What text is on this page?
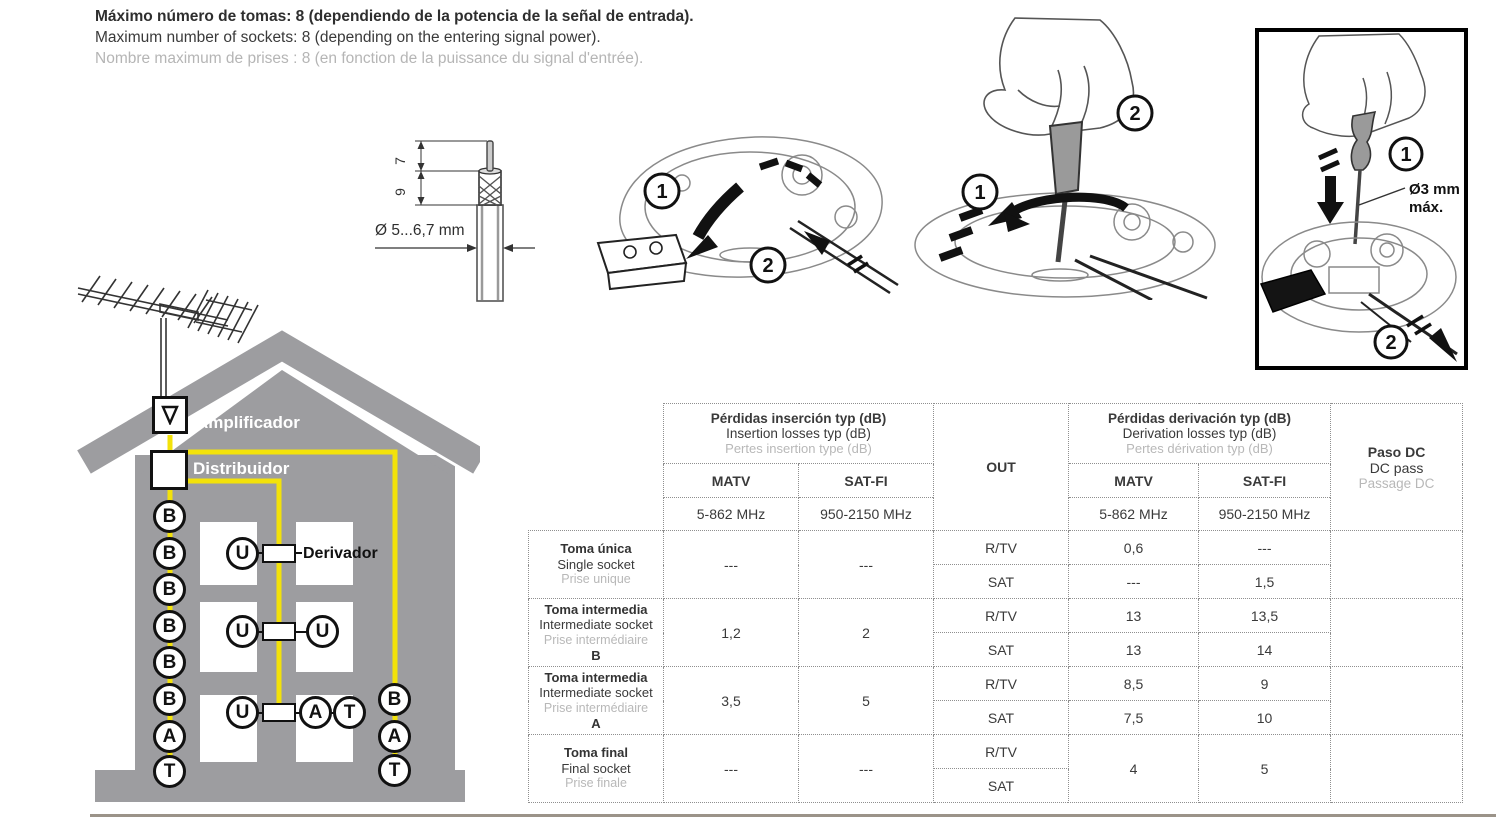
Máximo número de tomas: 8 (dependiendo de la potencia de la señal de entrada).
Maximum number of sockets: 8 (depending on the entering signal power).
Nombre maximum de prises : 8 (en fonction de la puissance du signal d'entrée).
7
9
Ø 5...6,7 mm
1
2
1
2
Ø3 mm
máx.
1
2
Amplificador
Distribuidor
Derivador
B
B
B
B
B
B
A
T
U
U	U
U	A	T
B
A
T

	Pérdidas inserción typ (dB)
Insertion losses typ (dB)
Pertes insertion type (dB)		OUT	Pérdidas derivación typ (dB)
Derivation losses typ (dB)
Pertes dérivation typ (dB)		Paso DC
DC pass
Passage DC

	MATV	SAT-FI		MATV	SAT-FI	
	5-862 MHz	950-2150 MHz		5-862 MHz	950-2150 MHz	

Toma única
Single socket
Prise unique	---	---	R/TV	0,6	---	
			SAT	---	1,5	

Toma intermedia
Intermediate socket
Prise intermédiaire
B	1,2	2	R/TV	13	13,5	
			SAT	13	14	

Toma intermedia
Intermediate socket
Prise intermédiaire
A	3,5	5	R/TV	8,5	9	
			SAT	7,5	10	

Toma final
Final socket
Prise finale	---	---	R/TV	4	5	
			SAT			
